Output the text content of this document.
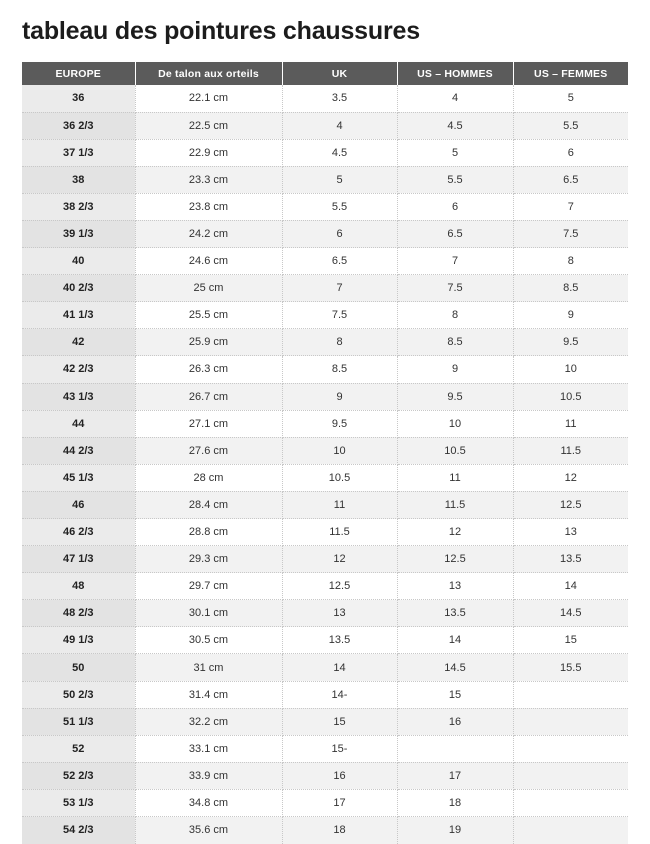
tableau des pointures chaussures
EUROPE	De talon aux orteils	UK	US – HOMMES	US – FEMMES
36	22.1 cm	3.5	4	5
36 2/3	22.5 cm	4	4.5	5.5
37 1/3	22.9 cm	4.5	5	6
38	23.3 cm	5	5.5	6.5
38 2/3	23.8 cm	5.5	6	7
39 1/3	24.2 cm	6	6.5	7.5
40	24.6 cm	6.5	7	8
40 2/3	25 cm	7	7.5	8.5
41 1/3	25.5 cm	7.5	8	9
42	25.9 cm	8	8.5	9.5
42 2/3	26.3 cm	8.5	9	10
43 1/3	26.7 cm	9	9.5	10.5
44	27.1 cm	9.5	10	11
44 2/3	27.6 cm	10	10.5	11.5
45 1/3	28 cm	10.5	11	12
46	28.4 cm	11	11.5	12.5
46 2/3	28.8 cm	11.5	12	13
47 1/3	29.3 cm	12	12.5	13.5
48	29.7 cm	12.5	13	14
48 2/3	30.1 cm	13	13.5	14.5
49 1/3	30.5 cm	13.5	14	15
50	31 cm	14	14.5	15.5
50 2/3	31.4 cm	14-	15	
51 1/3	32.2 cm	15	16	
52	33.1 cm	15-		
52 2/3	33.9 cm	16	17	
53 1/3	34.8 cm	17	18	
54 2/3	35.6 cm	18	19	
